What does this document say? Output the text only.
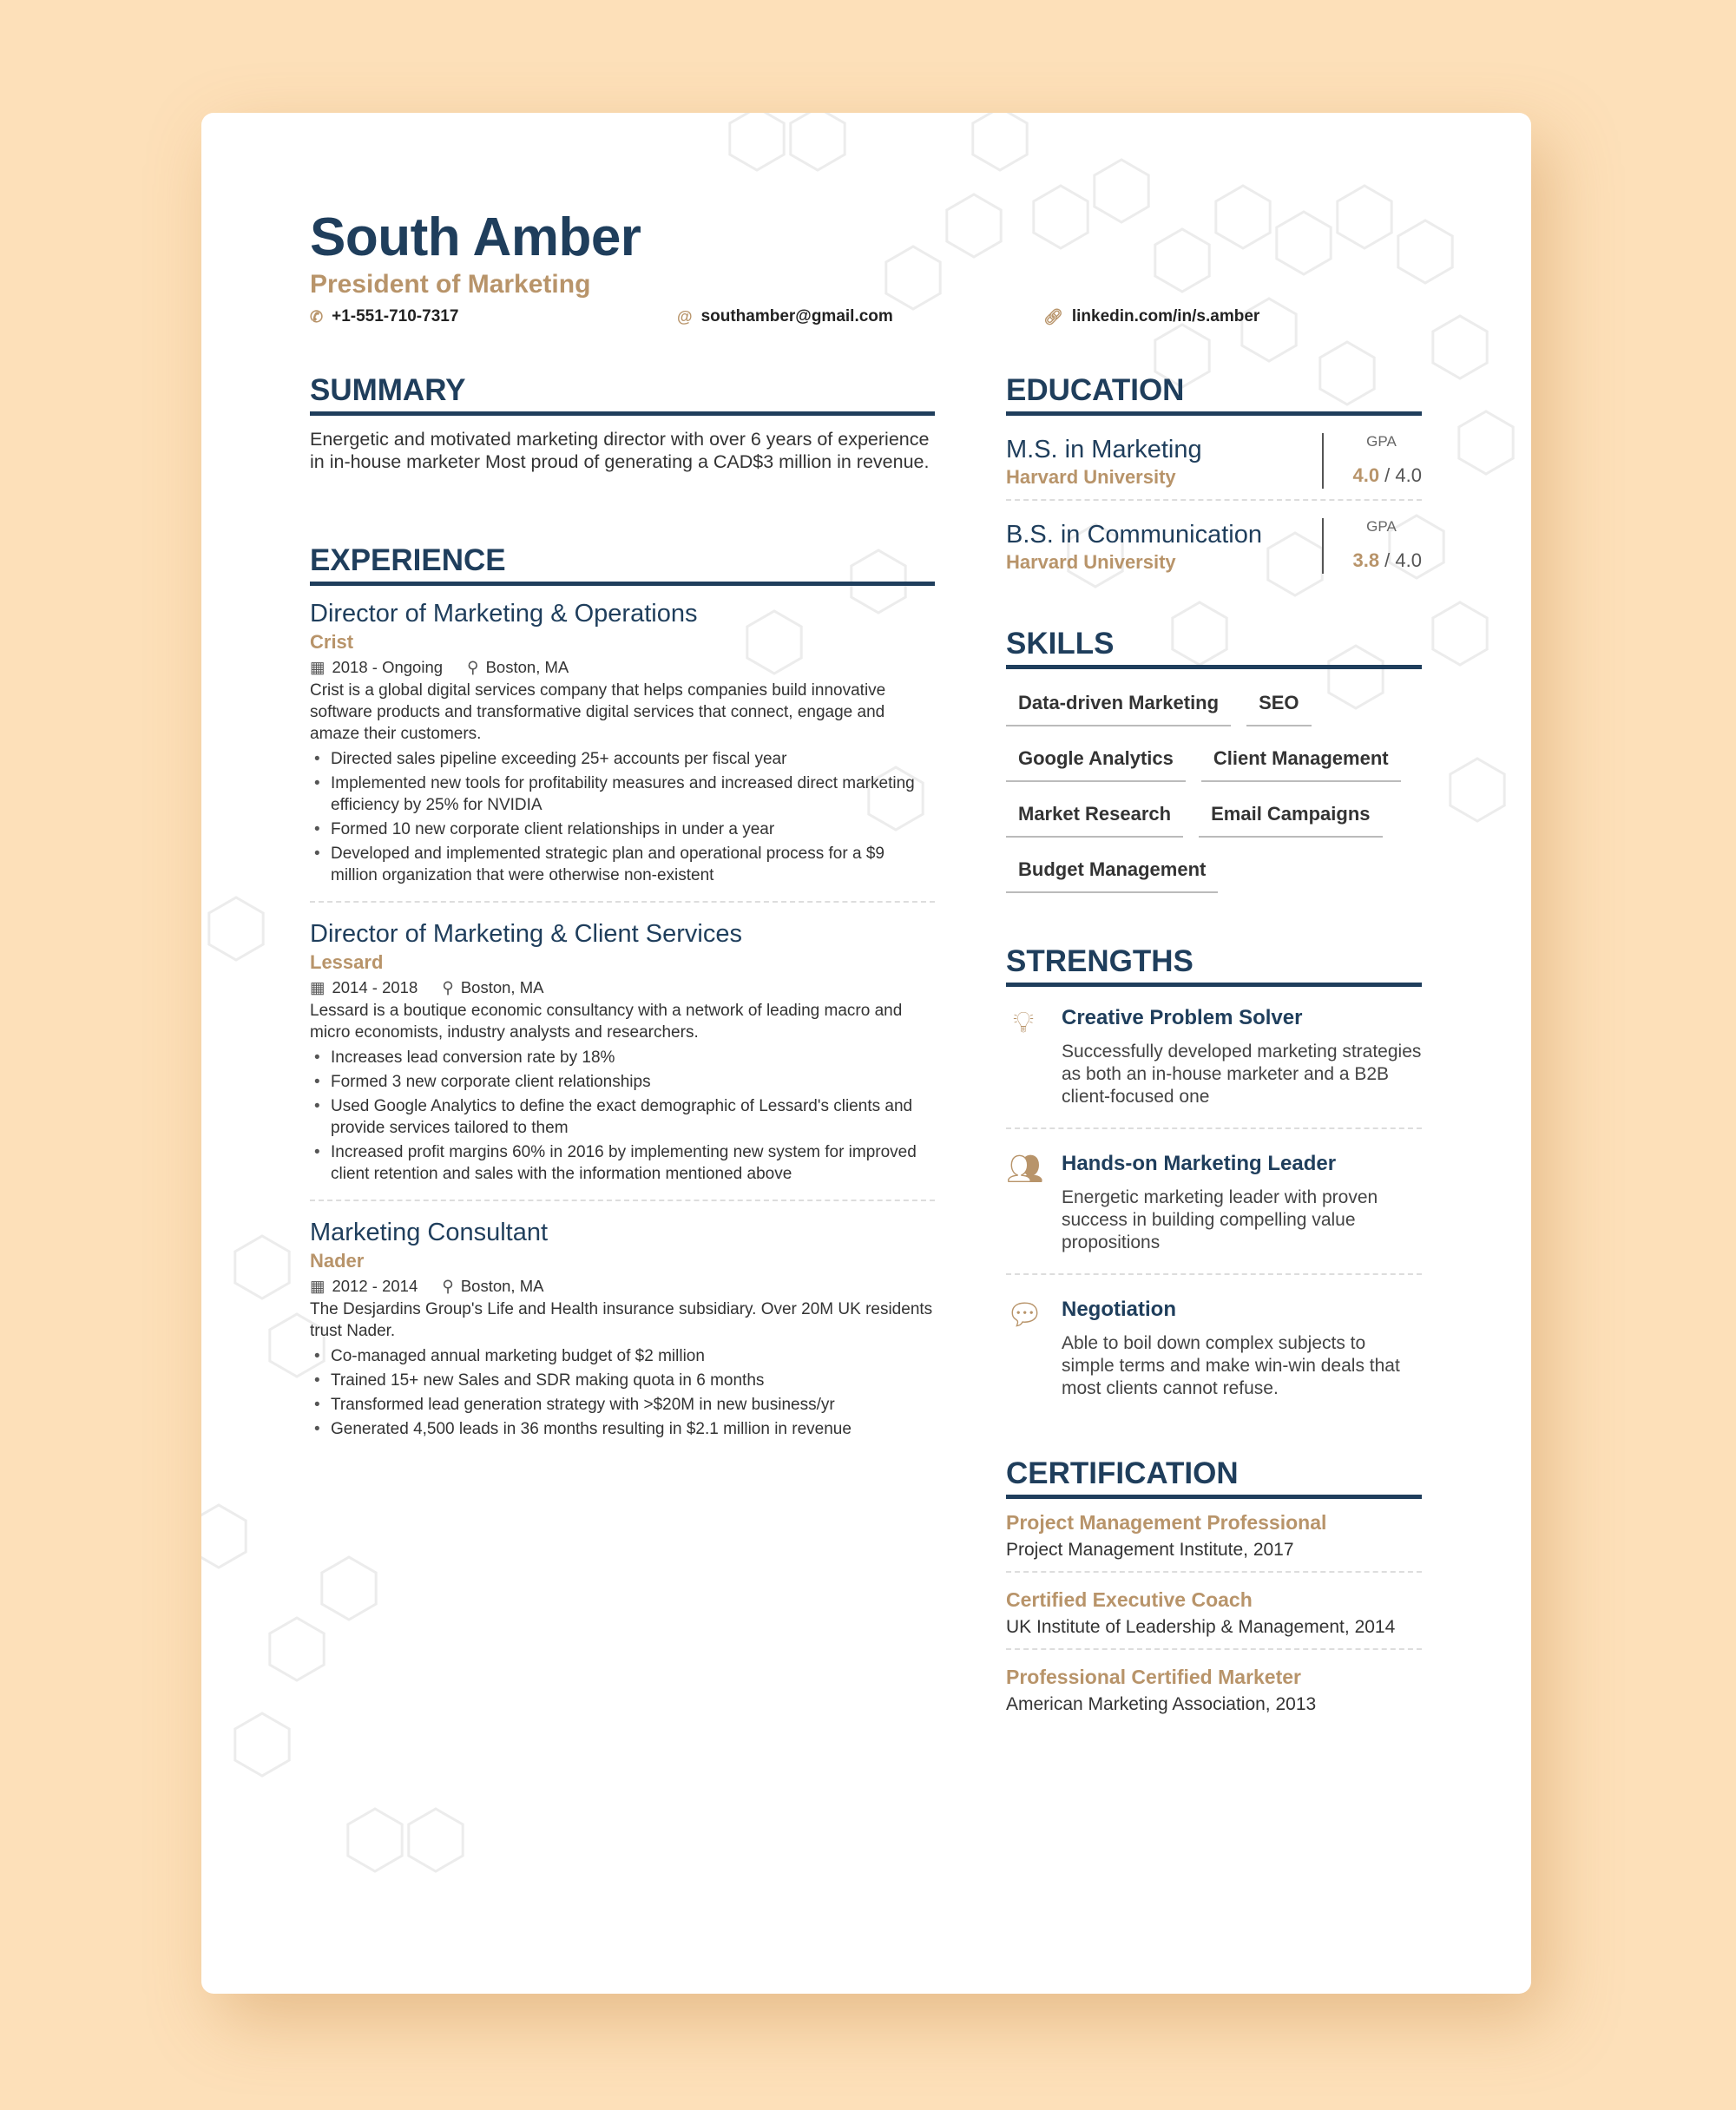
South Amber
President of Marketing
✆ +1-551-710-7317	@ southamber@gmail.com	🔗︎ linkedin.com/in/s.amber
SUMMARY
Energetic and motivated marketing director with over 6 years of experience in in-house marketer Most proud of generating a CAD$3 million in revenue.
EXPERIENCE
Director of Marketing & Operations
Crist
▦ 2018 - Ongoing ⚲ Boston, MA
Crist is a global digital services company that helps companies build innovative software products and transformative digital services that connect, engage and amaze their customers.
• Directed sales pipeline exceeding 25+ accounts per fiscal year
• Implemented new tools for profitability measures and increased direct marketing efficiency by 25% for NVIDIA
• Formed 10 new corporate client relationships in under a year
• Developed and implemented strategic plan and operational process for a $9 million organization that were otherwise non-existent
Director of Marketing & Client Services
Lessard
▦ 2014 - 2018 ⚲ Boston, MA
Lessard is a boutique economic consultancy with a network of leading macro and micro economists, industry analysts and researchers.
• Increases lead conversion rate by 18%
• Formed 3 new corporate client relationships
• Used Google Analytics to define the exact demographic of Lessard's clients and provide services tailored to them
• Increased profit margins 60% in 2016 by implementing new system for improved client retention and sales with the information mentioned above
Marketing Consultant
Nader
▦ 2012 - 2014 ⚲ Boston, MA
The Desjardins Group's Life and Health insurance subsidiary. Over 20M UK residents trust Nader.
• Co-managed annual marketing budget of $2 million
• Trained 15+ new Sales and SDR making quota in 6 months
• Transformed lead generation strategy with >$20M in new business/yr
• Generated 4,500 leads in 36 months resulting in $2.1 million in revenue
EDUCATION
M.S. in Marketing
Harvard University
GPA
4.0 / 4.0
B.S. in Communication
Harvard University
GPA
3.8 / 4.0
SKILLS
Data-driven Marketing	SEO
Google Analytics	Client Management
Market Research	Email Campaigns
Budget Management
STRENGTHS
💡︎	Creative Problem Solver
Successfully developed marketing strategies as both an in-house marketer and a B2B client-focused one
👥︎ Hands-on Marketing Leader
Energetic marketing leader with proven success in building compelling value propositions
💬︎ Negotiation
Able to boil down complex subjects to simple terms and make win-win deals that most clients cannot refuse.
CERTIFICATION
Project Management Professional
Project Management Institute, 2017
Certified Executive Coach
UK Institute of Leadership & Management, 2014
Professional Certified Marketer
American Marketing Association, 2013
